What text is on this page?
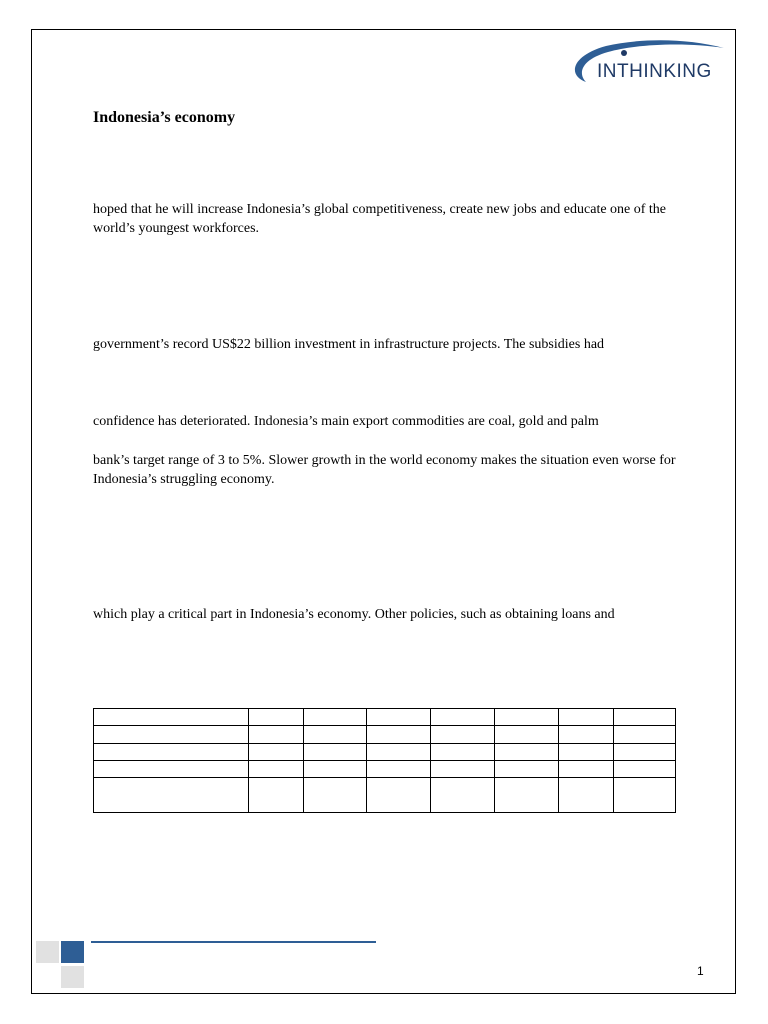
INTHINKING
Indonesia’s economy

hoped that he will increase Indonesia’s global competitiveness, create new jobs and educate one of the world’s youngest workforces.

government’s record US$22 billion investment in infrastructure projects. The subsidies had

confidence has deteriorated. Indonesia’s main export commodities are coal, gold and palm

bank’s target range of 3 to 5%. Slower growth in the world economy makes the situation even worse for Indonesia’s struggling economy.

which play a critical part in Indonesia’s economy. Other policies, such as obtaining loans and

1
